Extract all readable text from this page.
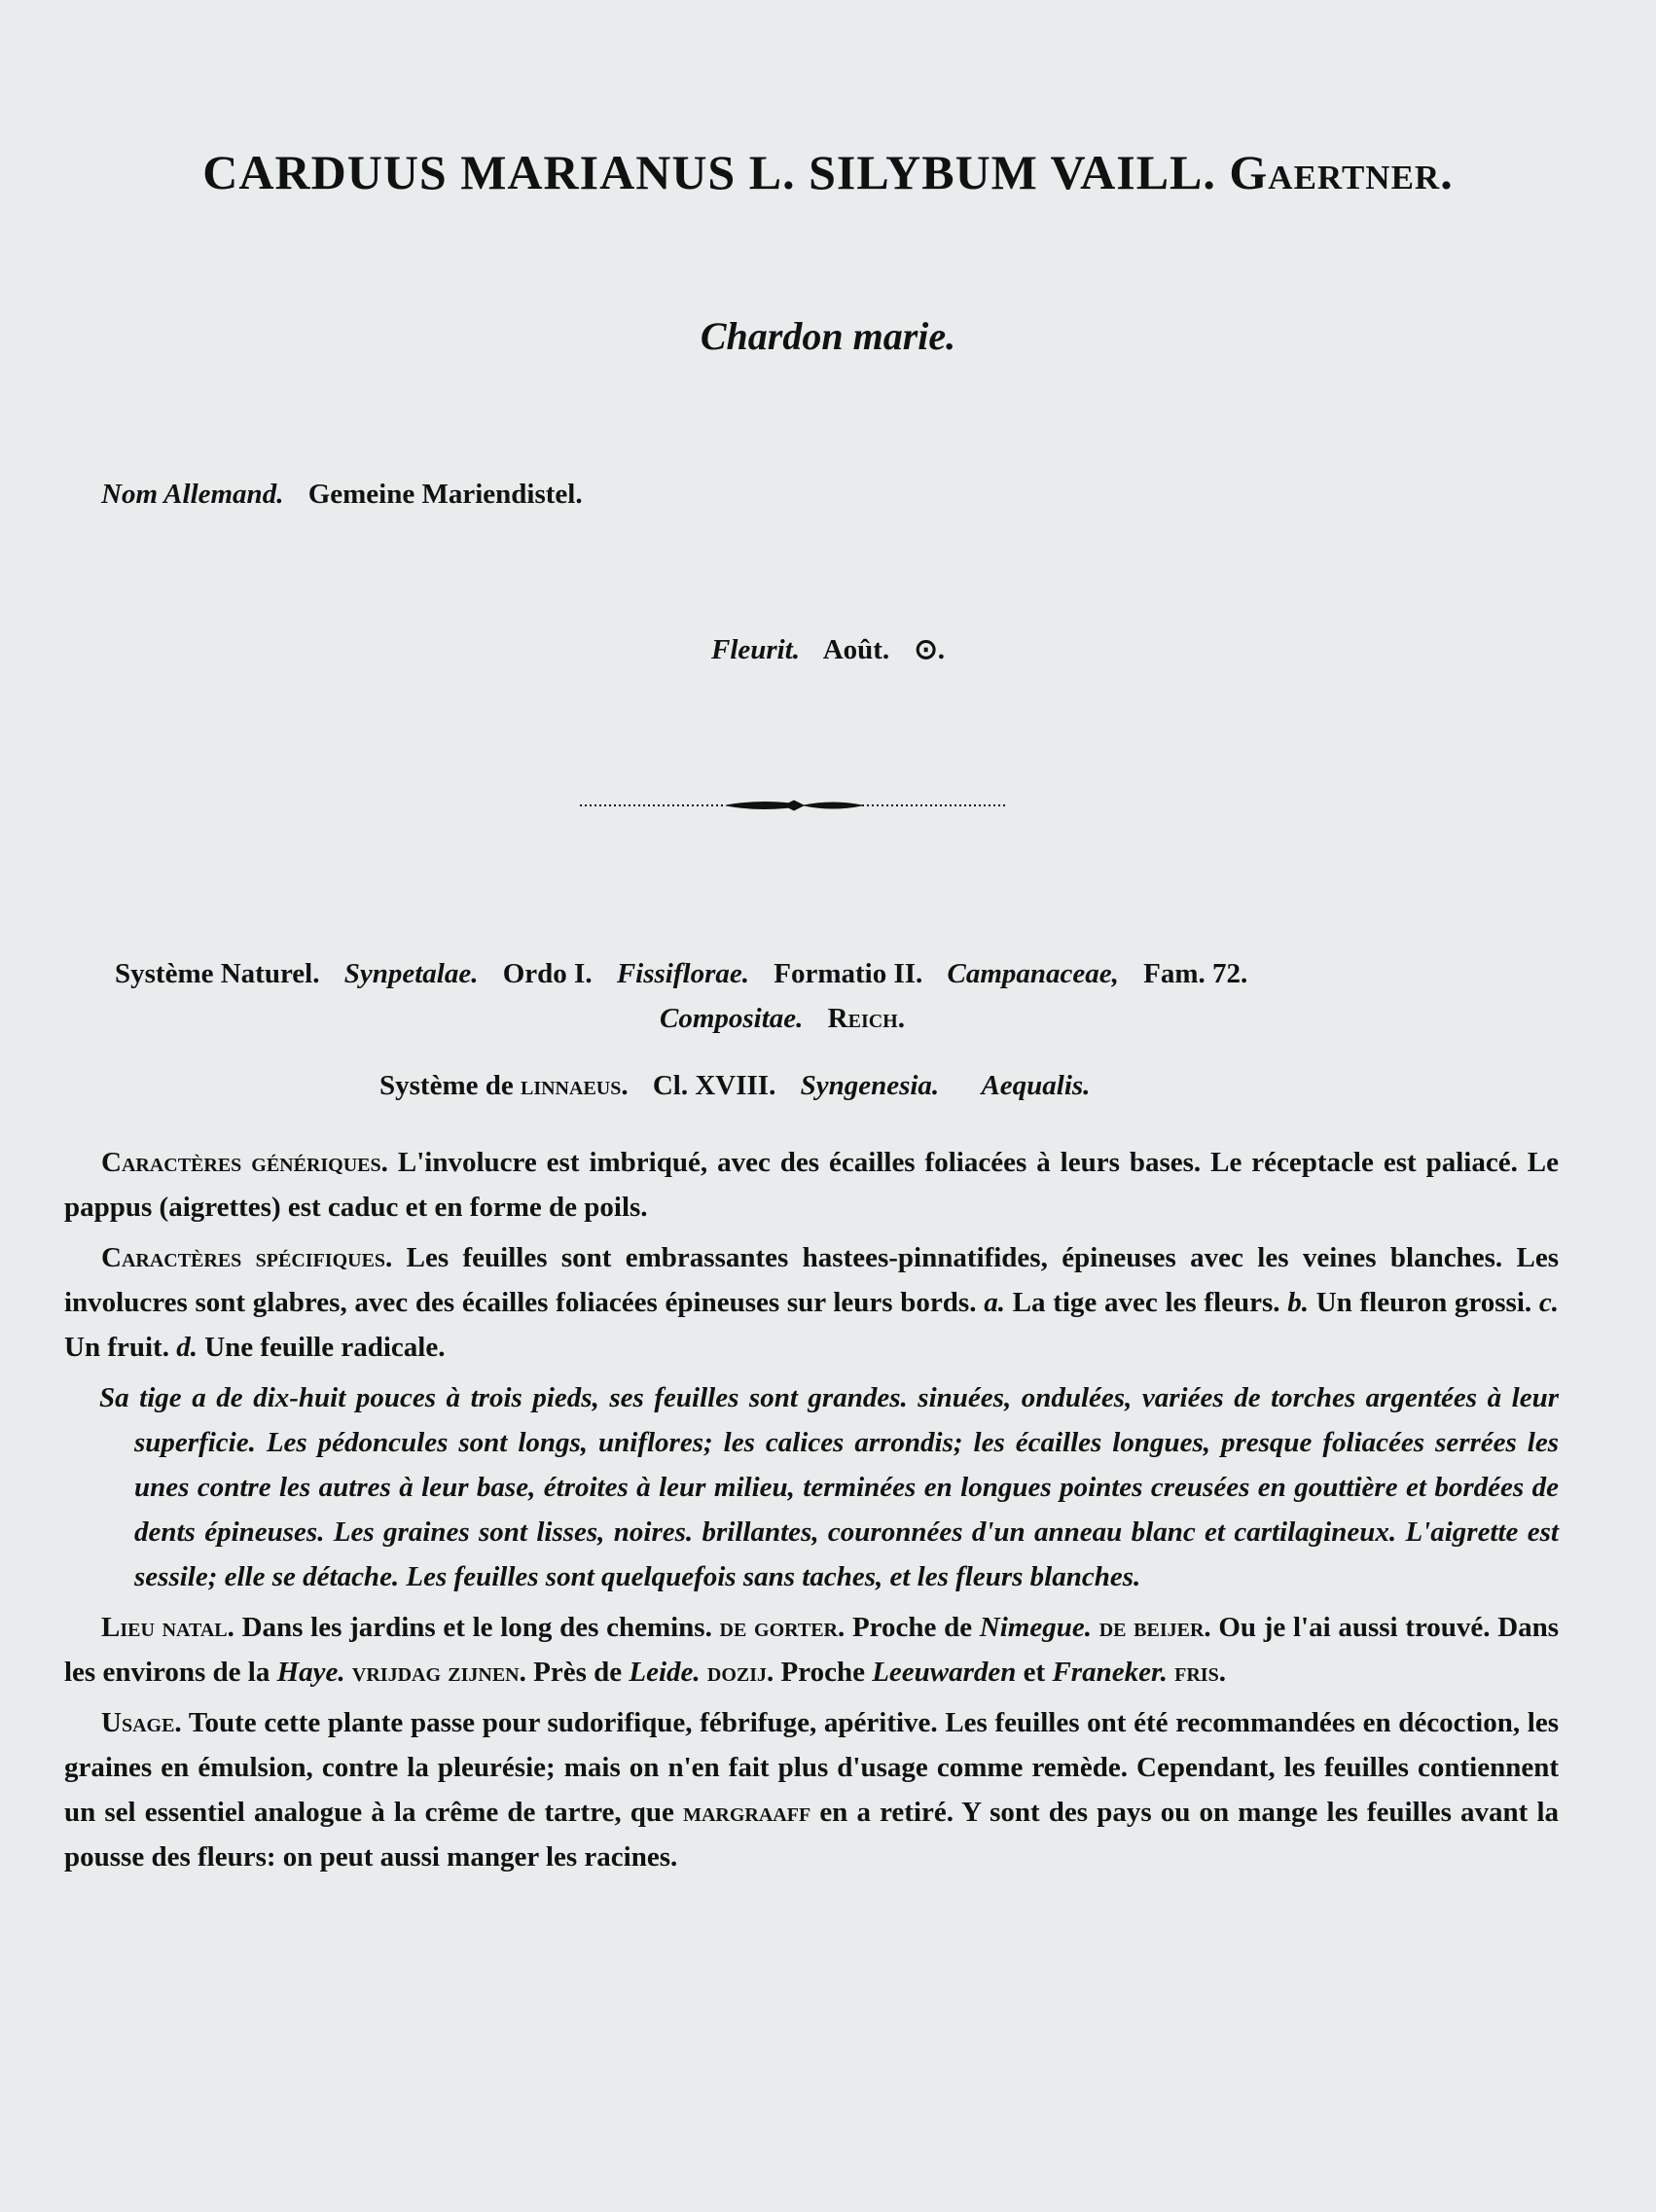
CARDUUS MARIANUS L. SILYBUM VAILL. Gaertner.
Chardon marie.
Nom Allemand. Gemeine Mariendistel.
Fleurit. Août. ⊙.
Système Naturel. Synpetalae. Ordo I. Fissiflorae. Formatio II. Campanaceae, Fam. 72.
Compositae. Reich.
Système de linnaeus. Cl. XVIII. Syngenesia. Aequalis.

Caractères génériques. L'involucre est imbriqué, avec des écailles foliacées à leurs bases. Le réceptacle est paliacé. Le pappus (aigrettes) est caduc et en forme de poils.

Caractères spécifiques. Les feuilles sont embrassantes hastees-pinnatifides, épineuses avec les veines blanches. Les involucres sont glabres, avec des écailles foliacées épineuses sur leurs bords. a. La tige avec les fleurs. b. Un fleuron grossi. c. Un fruit. d. Une feuille radicale.

Sa tige a de dix-huit pouces à trois pieds, ses feuilles sont grandes. sinuées, ondulées, variées de torches argentées à leur superficie. Les pédoncules sont longs, uniflores; les calices arrondis; les écailles longues, presque foliacées serrées les unes contre les autres à leur base, étroites à leur milieu, terminées en longues pointes creusées en gouttière et bordées de dents épineuses. Les graines sont lisses, noires. brillantes, couronnées d'un anneau blanc et cartilagineux. L'aigrette est sessile; elle se détache. Les feuilles sont quelquefois sans taches, et les fleurs blanches.

Lieu natal. Dans les jardins et le long des chemins. de gorter. Proche de Nimegue. de beijer. Ou je l'ai aussi trouvé. Dans les environs de la Haye. vrijdag zijnen. Près de Leide. dozij. Proche Leeuwarden et Franeker. fris.

Usage. Toute cette plante passe pour sudorifique, fébrifuge, apéritive. Les feuilles ont été recommandées en décoction, les graines en émulsion, contre la pleurésie; mais on n'en fait plus d'usage comme remède. Cependant, les feuilles contiennent un sel essentiel analogue à la crême de tartre, que margraaff en a retiré. Y sont des pays ou on mange les feuilles avant la pousse des fleurs: on peut aussi manger les racines.
